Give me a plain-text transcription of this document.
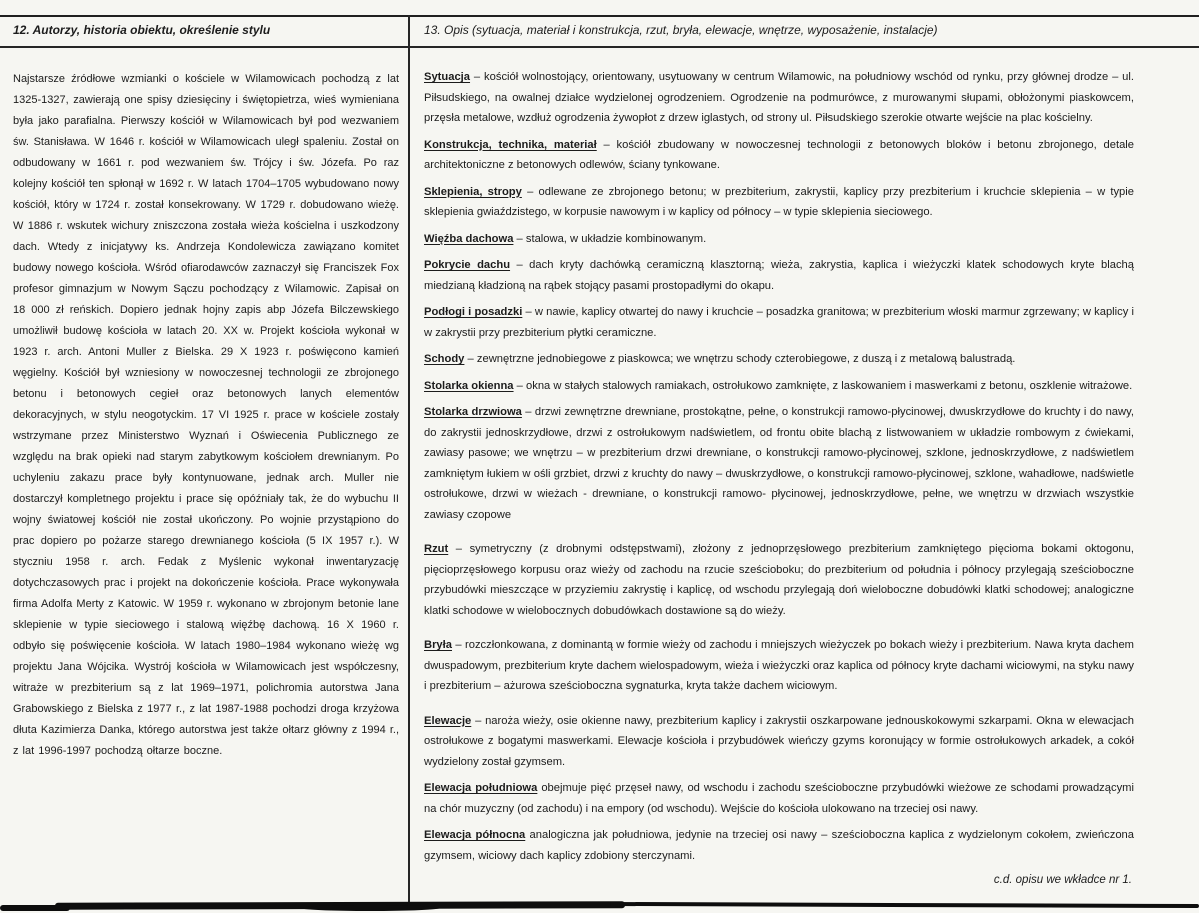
12. Autorzy, historia obiektu, określenie stylu
Najstarsze źródłowe wzmianki o kościele w Wilamowicach pochodzą z lat 1325-1327, zawierają one spisy dziesięciny i świętopietrza, wieś wymieniana była jako parafialna. Pierwszy kościół w Wilamowicach był pod wezwaniem św. Stanisława. W 1646 r. kościół w Wilamowicach uległ spaleniu. Został on odbudowany w 1661 r. pod wezwaniem św. Trójcy i św. Józefa. Po raz kolejny kościół ten spłonął w 1692 r. W latach 1704–1705 wybudowano nowy kościół, który w 1724 r. został konsekrowany. W 1729 r. dobudowano wieżę. W 1886 r. wskutek wichury zniszczona została wieża kościelna i uszkodzony dach. Wtedy z inicjatywy ks. Andrzeja Kondolewicza zawiązano komitet budowy nowego kościoła. Wśród ofiarodawców zaznaczył się Franciszek Fox profesor gimnazjum w Nowym Sączu pochodzący z Wilamowic. Zapisał on 18 000 zł reńskich. Dopiero jednak hojny zapis abp Józefa Bilczewskiego umożliwił budowę kościoła w latach 20. XX w. Projekt kościoła wykonał w 1923 r. arch. Antoni Muller z Bielska. 29 X 1923 r. poświęcono kamień węgielny. Kościół był wzniesiony w nowoczesnej technologii ze zbrojonego betonu i betonowych cegieł oraz betonowych lanych elementów dekoracyjnych, w stylu neogotyckim. 17 VI 1925 r. prace w kościele zostały wstrzymane przez Ministerstwo Wyznań i Oświecenia Publicznego ze względu na brak opieki nad starym zabytkowym kościołem drewnianym. Po uchyleniu zakazu prace były kontynuowane, jednak arch. Muller nie dostarczył kompletnego projektu i prace się opóźniały tak, że do wybuchu II wojny światowej kościół nie został ukończony. Po wojnie przystąpiono do prac dopiero po pożarze starego drewnianego kościoła (5 IX 1957 r.). W styczniu 1958 r. arch. Fedak z Myślenic wykonał inwentaryzację dotychczasowych prac i projekt na dokończenie kościoła. Prace wykonywała firma Adolfa Merty z Katowic. W 1959 r. wykonano w zbrojonym betonie lane sklepienie w typie sieciowego i stalową więźbę dachową. 16 X 1960 r. odbyło się poświęcenie kościoła. W latach 1980–1984 wykonano wieżę wg projektu Jana Wójcika. Wystrój kościoła w Wilamowicach jest współczesny, witraże w prezbiterium są z lat 1969–1971, polichromia autorstwa Jana Grabowskiego z Bielska z 1977 r., z lat 1987-1988 pochodzi droga krzyżowa dłuta Kazimierza Danka, którego autorstwa jest także ołtarz główny z 1994 r., z lat 1996-1997 pochodzą ołtarze boczne.
13. Opis (sytuacja, materiał i konstrukcja, rzut, bryła, elewacje, wnętrze, wyposażenie, instalacje)

Sytuacja – kościół wolnostojący, orientowany, usytuowany w centrum Wilamowic, na południowy wschód od rynku, przy głównej drodze – ul. Piłsudskiego, na owalnej działce wydzielonej ogrodzeniem. Ogrodzenie na podmurówce, z murowanymi słupami, obłożonymi piaskowcem, przęsła metalowe, wzdłuż ogrodzenia żywopłot z drzew iglastych, od strony ul. Piłsudskiego szerokie otwarte wejście na plac kościelny.

Konstrukcja, technika, materiał – kościół zbudowany w nowoczesnej technologii z betonowych bloków i betonu zbrojonego, detale architektoniczne z betonowych odlewów, ściany tynkowane.

Sklepienia, stropy – odlewane ze zbrojonego betonu; w prezbiterium, zakrystii, kaplicy przy prezbiterium i kruchcie sklepienia – w typie sklepienia gwiaździstego, w korpusie nawowym i w kaplicy od północy – w typie sklepienia sieciowego.

Więźba dachowa – stalowa, w układzie kombinowanym.

Pokrycie dachu – dach kryty dachówką ceramiczną klasztorną; wieża, zakrystia, kaplica i wieżyczki klatek schodowych kryte blachą miedzianą kładzioną na rąbek stojący pasami prostopadłymi do okapu.

Podłogi i posadzki – w nawie, kaplicy otwartej do nawy i kruchcie – posadzka granitowa; w prezbiterium włoski marmur zgrzewany; w kaplicy i w zakrystii przy prezbiterium płytki ceramiczne.

Schody – zewnętrzne jednobiegowe z piaskowca; we wnętrzu schody czterobiegowe, z duszą i z metalową balustradą.

Stolarka okienna – okna w stałych stalowych ramiakach, ostrołukowo zamknięte, z laskowaniem i maswerkami z betonu, oszklenie witrażowe.

Stolarka drzwiowa – drzwi zewnętrzne drewniane, prostokątne, pełne, o konstrukcji ramowo-płycinowej, dwuskrzydłowe do kruchty i do nawy, do zakrystii jednoskrzydłowe, drzwi z ostrołukowym nadświetlem, od frontu obite blachą z listwowaniem w układzie rombowym z ćwiekami, zawiasy pasowe; we wnętrzu – w prezbiterium drzwi drewniane, o konstrukcji ramowo-płycinowej, szklone, jednoskrzydłowe, z nadświetlem zamkniętym łukiem w ośli grzbiet, drzwi z kruchty do nawy – dwuskrzydłowe, o konstrukcji ramowo-płycinowej, szklone, wahadłowe, nadświetle ostrołukowe, drzwi w wieżach - drewniane, o konstrukcji ramowo- płycinowej, jednoskrzydłowe, pełne, we wnętrzu w drzwiach wszystkie zawiasy czopowe

Rzut – symetryczny (z drobnymi odstępstwami), złożony z jednoprzęsłowego prezbiterium zamkniętego pięcioma bokami oktogonu, pięcioprzęsłowego korpusu oraz wieży od zachodu na rzucie sześcioboku; do prezbiterium od południa i północy przylegają sześcioboczne przybudówki mieszczące w przyziemiu zakrystię i kaplicę, od wschodu przylegają doń wieloboczne dobudówki klatki schodowej; analogiczne klatki schodowe w wielobocznych dobudówkach dostawione są do wieży.

Bryła – rozczłonkowana, z dominantą w formie wieży od zachodu i mniejszych wieżyczek po bokach wieży i prezbiterium. Nawa kryta dachem dwuspadowym, prezbiterium kryte dachem wielospadowym, wieża i wieżyczki oraz kaplica od północy kryte dachami wiciowymi, na styku nawy i prezbiterium – ażurowa sześcioboczna sygnaturka, kryta także dachem wiciowym.

Elewacje – naroża wieży, osie okienne nawy, prezbiterium kaplicy i zakrystii oszkarpowane jednouskokowymi szkarpami. Okna w elewacjach ostrołukowe z bogatymi maswerkami. Elewacje kościoła i przybudówek wieńczy gzyms koronujący w formie ostrołukowych arkadek, a cokół wydzielony został gzymsem.

Elewacja południowa obejmuje pięć przęseł nawy, od wschodu i zachodu sześcioboczne przybudówki wieżowe ze schodami prowadzącymi na chór muzyczny (od zachodu) i na empory (od wschodu). Wejście do kościoła ulokowano na trzeciej osi nawy.

Elewacja północna analogiczna jak południowa, jedynie na trzeciej osi nawy – sześcioboczna kaplica z wydzielonym cokołem, zwieńczona gzymsem, wiciowy dach kaplicy zdobiony sterczynami.

c.d. opisu we wkładce nr 1.
